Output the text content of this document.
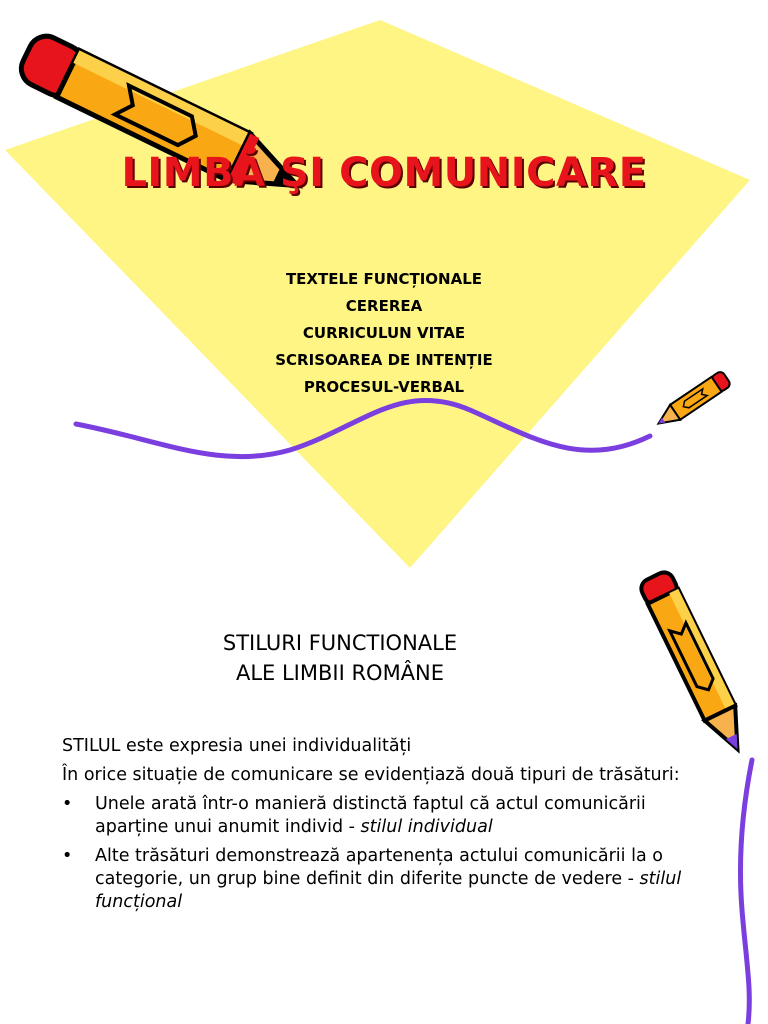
LIMBĂ ŞI COMUNICARE
TEXTELE FUNCȚIONALE
CEREREA
CURRICULUN VITAE
SCRISOAREA DE INTENȚIE
PROCESUL-VERBAL
STILURI FUNCTIONALE
ALE LIMBII ROMÂNE

STILUL este expresia unei individualități

În orice situație de comunicare se evidențiază două tipuri de trăsături:

• Unele arată într-o manieră distinctă faptul că actul comunicării aparține unui anumit individ - stilul individual
• Alte trăsături demonstrează apartenența actului comunicării la o categorie, un grup bine definit din diferite puncte de vedere - stilul funcțional
